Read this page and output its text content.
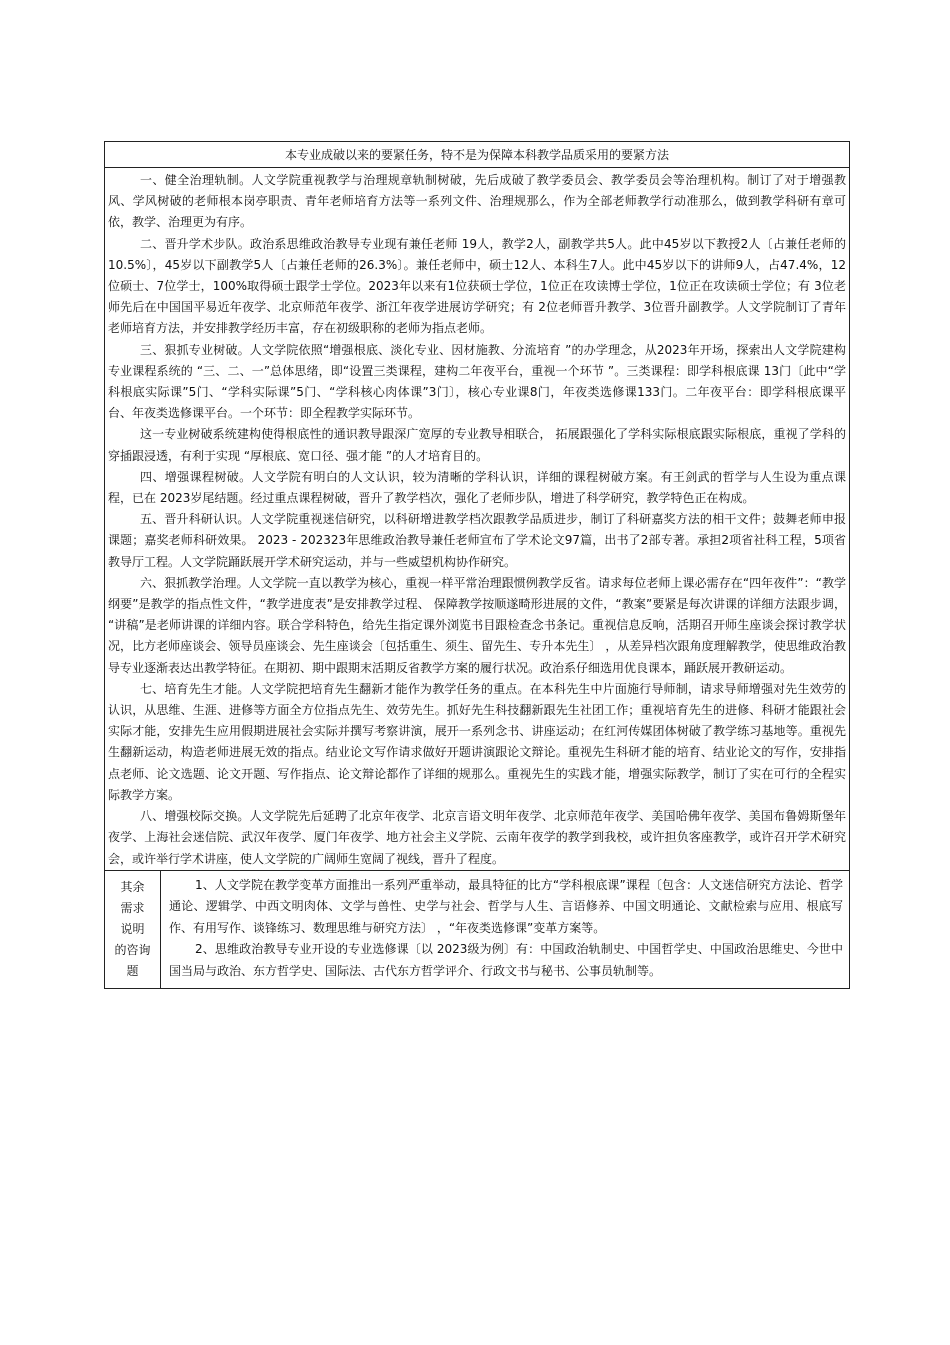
本专业成破以来的要紧任务，特不是为保障本科教学品质采用的要紧方法

一、健全治理轨制。人文学院重视教学与治理规章轨制树破，先后成破了教学委员会、教学委员会等治理机构。制订了对于增强教风、学风树破的老师根本岗亭职责、青年老师培育方法等一系列文件、治理规那么，作为全部老师教学行动准那么，做到教学科研有章可依，教学、治理更为有序。

二、晋升学术步队。政治系思维政治教导专业现有兼任老师 19人，教学2人，副教学共5人。此中45岁以下教授2人〔占兼任老师的10.5%〕，45岁以下副教学5人〔占兼任老师的26.3%〕。兼任老师中，硕士12人、本科生7人。此中45岁以下的讲师9人，占47.4%，12位硕士、7位学士，100%取得硕士跟学士学位。2023年以来有1位获硕士学位，1位正在攻读博士学位，1位正在攻读硕士学位；有 3位老师先后在中国国平易近年夜学、北京师范年夜学、浙江年夜学进展访学研究；有 2位老师晋升教学、3位晋升副教学。人文学院制订了青年老师培育方法，并安排教学经历丰富，存在初级职称的老师为指点老师。

三、狠抓专业树破。人文学院依照“增强根底、淡化专业、因材施教、分流培育 ”的办学理念，从2023年开场，探索出人文学院建构专业课程系统的 “三、二、一”总体思绪，即“设置三类课程，建构二年夜平台，重视一个环节 ”。三类课程：即学科根底课 13门〔此中“学科根底实际课”5门、“学科实际课”5门、“学科核心肉体课”3门〕，核心专业课8门，年夜类选修课133门。二年夜平台：即学科根底课平台、年夜类选修课平台。一个环节：即全程教学实际环节。

这一专业树破系统建构使得根底性的通识教导跟深广宽厚的专业教导相联合， 拓展跟强化了学科实际根底跟实际根底，重视了学科的穿插跟浸透，有利于实现 “厚根底、宽口径、强才能 ”的人才培育目的。

四、增强课程树破。人文学院有明白的人文认识，较为清晰的学科认识，详细的课程树破方案。有王剑武的哲学与人生设为重点课程，已在 2023岁尾结题。经过重点课程树破，晋升了教学档次，强化了老师步队，增进了科学研究，教学特色正在构成。

五、晋升科研认识。人文学院重视迷信研究，以科研增进教学档次跟教学品质进步，制订了科研嘉奖方法的相干文件；鼓舞老师申报课题；嘉奖老师科研效果。 2023 - 202323年思维政治教导兼任老师宣布了学术论文97篇，出书了2部专著。承担2项省社科工程，5项省教导厅工程。人文学院踊跃展开学术研究运动，并与一些威望机构协作研究。

六、狠抓教学治理。人文学院一直以教学为核心，重视一样平常治理跟惯例教学反省。请求每位老师上课必需存在“四年夜件”：“教学纲要”是教学的指点性文件，“教学进度表”是安排教学过程、 保障教学按顺遂畸形进展的文件，“教案”要紧是每次讲课的详细方法跟步调， “讲稿”是老师讲课的详细内容。联合学科特色，给先生指定课外浏览书目跟检查念书条记。重视信息反响，活期召开师生座谈会探讨教学状况，比方老师座谈会、领导员座谈会、先生座谈会〔包括重生、须生、留先生、专升本先生〕 ，从差异档次跟角度理解教学，使思维政治教导专业逐渐表达出教学特征。在期初、期中跟期末活期反省教学方案的履行状况。政治系仔细选用优良课本，踊跃展开教研运动。

七、培育先生才能。人文学院把培育先生翻新才能作为教学任务的重点。在本科先生中片面施行导师制，请求导师增强对先生效劳的认识，从思维、生涯、进修等方面全方位指点先生、效劳先生。抓好先生科技翻新跟先生社团工作；重视培育先生的进修、科研才能跟社会实际才能，安排先生应用假期进展社会实际并撰写考察讲演，展开一系列念书、讲座运动；在红河传媒团体树破了教学练习基地等。重视先生翻新运动，构造老师进展无效的指点。结业论文写作请求做好开题讲演跟论文辩论。重视先生科研才能的培育、结业论文的写作，安排指点老师、论文选题、论文开题、写作指点、论文辩论都作了详细的规那么。重视先生的实践才能，增强实际教学，制订了实在可行的全程实际教学方案。

八、增强校际交换。人文学院先后延聘了北京年夜学、北京言语文明年夜学、北京师范年夜学、美国哈佛年夜学、美国布鲁姆斯堡年夜学、上海社会迷信院、武汉年夜学、厦门年夜学、地方社会主义学院、云南年夜学的教学到我校，或许担负客座教学，或许召开学术研究会，或许举行学术讲座，使人文学院的广阔师生宽阔了视线，晋升了程度。

其余
需求
说明
的咨询
题

1、人文学院在教学变革方面推出一系列严重举动，最具特征的比方“学科根底课”课程〔包含：人文迷信研究方法论、哲学通论、逻辑学、中西文明肉体、文学与兽性、史学与社会、哲学与人生、言语修养、中国文明通论、文献检索与应用、根底写作、有用写作、谈锋练习、数理思维与研究方法〕 ，“年夜类选修课”变革方案等。

2、思维政治教导专业开设的专业选修课〔以 2023级为例〕有：中国政治轨制史、中国哲学史、中国政治思维史、今世中国当局与政治、东方哲学史、国际法、古代东方哲学评介、行政文书与秘书、公事员轨制等。
